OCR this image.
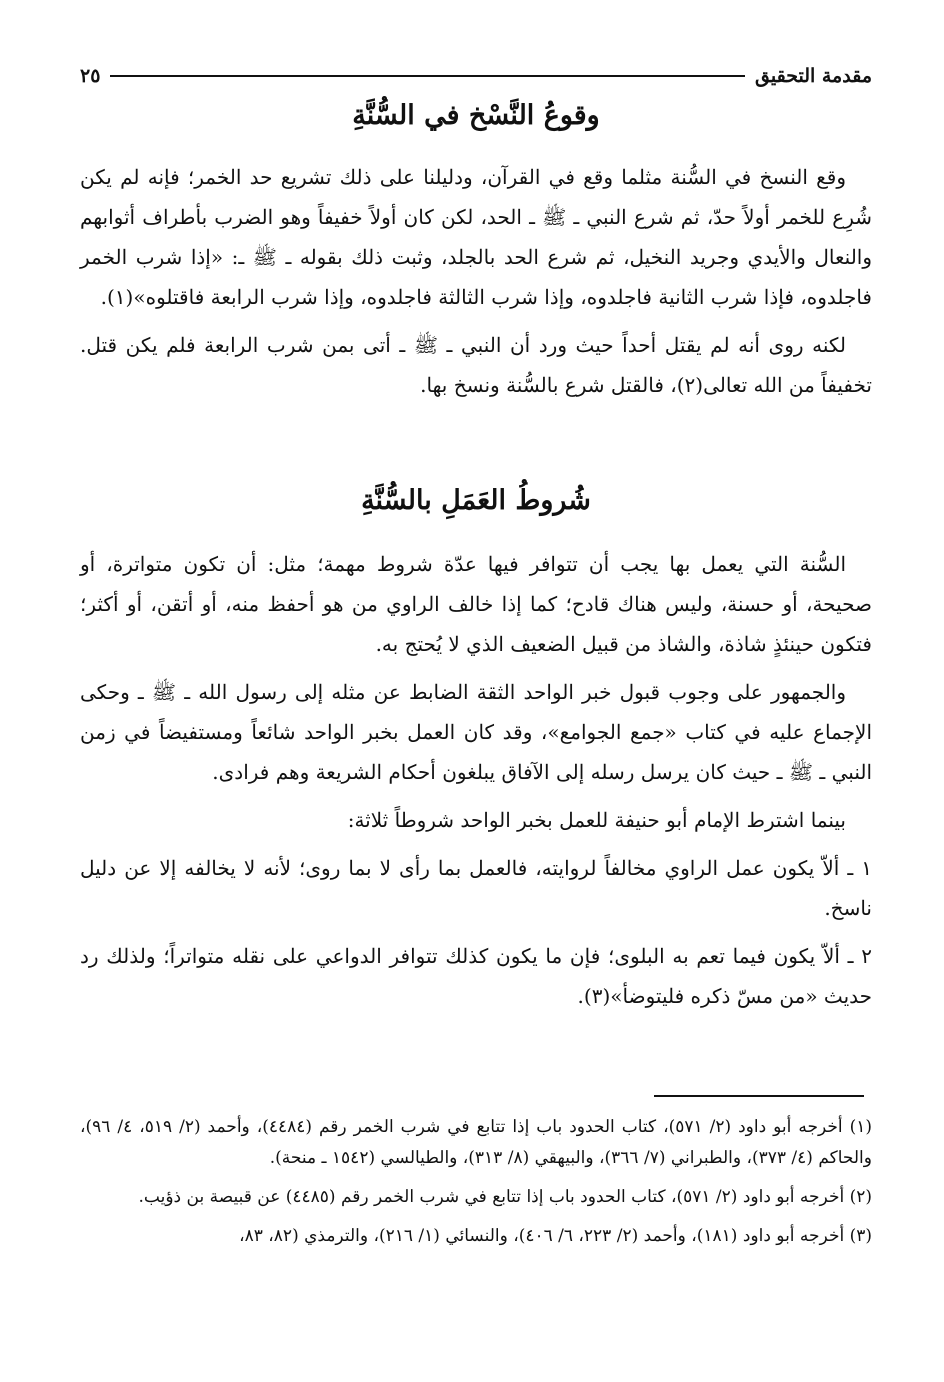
مقدمة التحقيق
٢٥
وقوعُ النَّسْخ في السُّنَّةِ

وقع النسخ في السُّنة مثلما وقع في القرآن، ودليلنا على ذلك تشريع حد الخمر؛ فإنه لم يكن شُرِع للخمر أولاً حدّ، ثم شرع النبي ـ ﷺ ـ الحد، لكن كان أولاً خفيفاً وهو الضرب بأطراف أثوابهم والنعال والأيدي وجريد النخيل، ثم شرع الحد بالجلد، وثبت ذلك بقوله ـ ﷺ ـ: «إذا شرب الخمر فاجلدوه، فإذا شرب الثانية فاجلدوه، وإذا شرب الثالثة فاجلدوه، وإذا شرب الرابعة فاقتلوه»(١).

لكنه روى أنه لم يقتل أحداً حيث ورد أن النبي ـ ﷺ ـ أتى بمن شرب الرابعة فلم يكن قتل. تخفيفاً من الله تعالى(٢)، فالقتل شرع بالسُّنة ونسخ بها.

شُروطُ العَمَلِ بالسُّنَّةِ

السُّنة التي يعمل بها يجب أن تتوافر فيها عدّة شروط مهمة؛ مثل: أن تكون متواترة، أو صحيحة، أو حسنة، وليس هناك قادح؛ كما إذا خالف الراوي من هو أحفظ منه، أو أتقن، أو أكثر؛ فتكون حينئذٍ شاذة، والشاذ من قبيل الضعيف الذي لا يُحتج به.

والجمهور على وجوب قبول خبر الواحد الثقة الضابط عن مثله إلى رسول الله ـ ﷺ ـ وحكى الإجماع عليه في كتاب «جمع الجوامع»، وقد كان العمل بخبر الواحد شائعاً ومستفيضاً في زمن النبي ـ ﷺ ـ حيث كان يرسل رسله إلى الآفاق يبلغون أحكام الشريعة وهم فرادى.

بينما اشترط الإمام أبو حنيفة للعمل بخبر الواحد شروطاً ثلاثة:

١ ـ ألاّ يكون عمل الراوي مخالفاً لروايته، فالعمل بما رأى لا بما روى؛ لأنه لا يخالفه إلا عن دليل ناسخ.

٢ ـ ألاّ يكون فيما تعم به البلوى؛ فإن ما يكون كذلك تتوافر الدواعي على نقله متواتراً؛ ولذلك رد حديث «من مسّ ذكره فليتوضأ»(٣).

(١) أخرجه أبو داود (٢/ ٥٧١)، كتاب الحدود باب إذا تتابع في شرب الخمر رقم (٤٤٨٤)، وأحمد (٢/ ٥١٩، ٤/ ٩٦)، والحاكم (٤/ ٣٧٣)، والطبراني (٧/ ٣٦٦)، والبيهقي (٨/ ٣١٣)، والطيالسي (١٥٤٢ ـ منحة).

(٢) أخرجه أبو داود (٢/ ٥٧١)، كتاب الحدود باب إذا تتابع في شرب الخمر رقم (٤٤٨٥) عن قبيصة بن ذؤيب.

(٣) أخرجه أبو داود (١٨١)، وأحمد (٢/ ٢٢٣، ٦/ ٤٠٦)، والنسائي (١/ ٢١٦)، والترمذي (٨٢، ٨٣،
